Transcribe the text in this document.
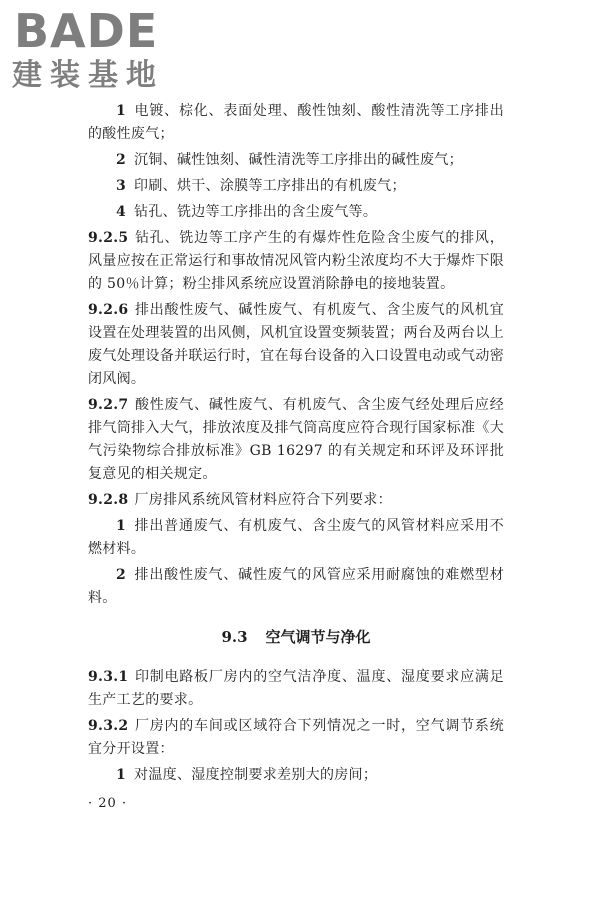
BADE
建装基地

1 电镀、棕化、表面处理、酸性蚀刻、酸性清洗等工序排出的酸性废气；

2 沉铜、碱性蚀刻、碱性清洗等工序排出的碱性废气；

3 印刷、烘干、涂膜等工序排出的有机废气；

4 钻孔、铣边等工序排出的含尘废气等。

9.2.5 钻孔、铣边等工序产生的有爆炸性危险含尘废气的排风，风量应按在正常运行和事故情况风管内粉尘浓度均不大于爆炸下限的 50％计算；粉尘排风系统应设置消除静电的接地装置。

9.2.6 排出酸性废气、碱性废气、有机废气、含尘废气的风机宜设置在处理装置的出风侧，风机宜设置变频装置；两台及两台以上废气处理设备并联运行时，宜在每台设备的入口设置电动或气动密闭风阀。

9.2.7 酸性废气、碱性废气、有机废气、含尘废气经处理后应经排气筒排入大气，排放浓度及排气筒高度应符合现行国家标准《大气污染物综合排放标准》GB 16297 的有关规定和环评及环评批复意见的相关规定。

9.2.8 厂房排风系统风管材料应符合下列要求：

1 排出普通废气、有机废气、含尘废气的风管材料应采用不燃材料。

2 排出酸性废气、碱性废气的风管应采用耐腐蚀的难燃型材料。

9.3 空气调节与净化

9.3.1 印制电路板厂房内的空气洁净度、温度、湿度要求应满足生产工艺的要求。

9.3.2 厂房内的车间或区域符合下列情况之一时，空气调节系统宜分开设置：

1 对温度、湿度控制要求差别大的房间；

· 20 ·
